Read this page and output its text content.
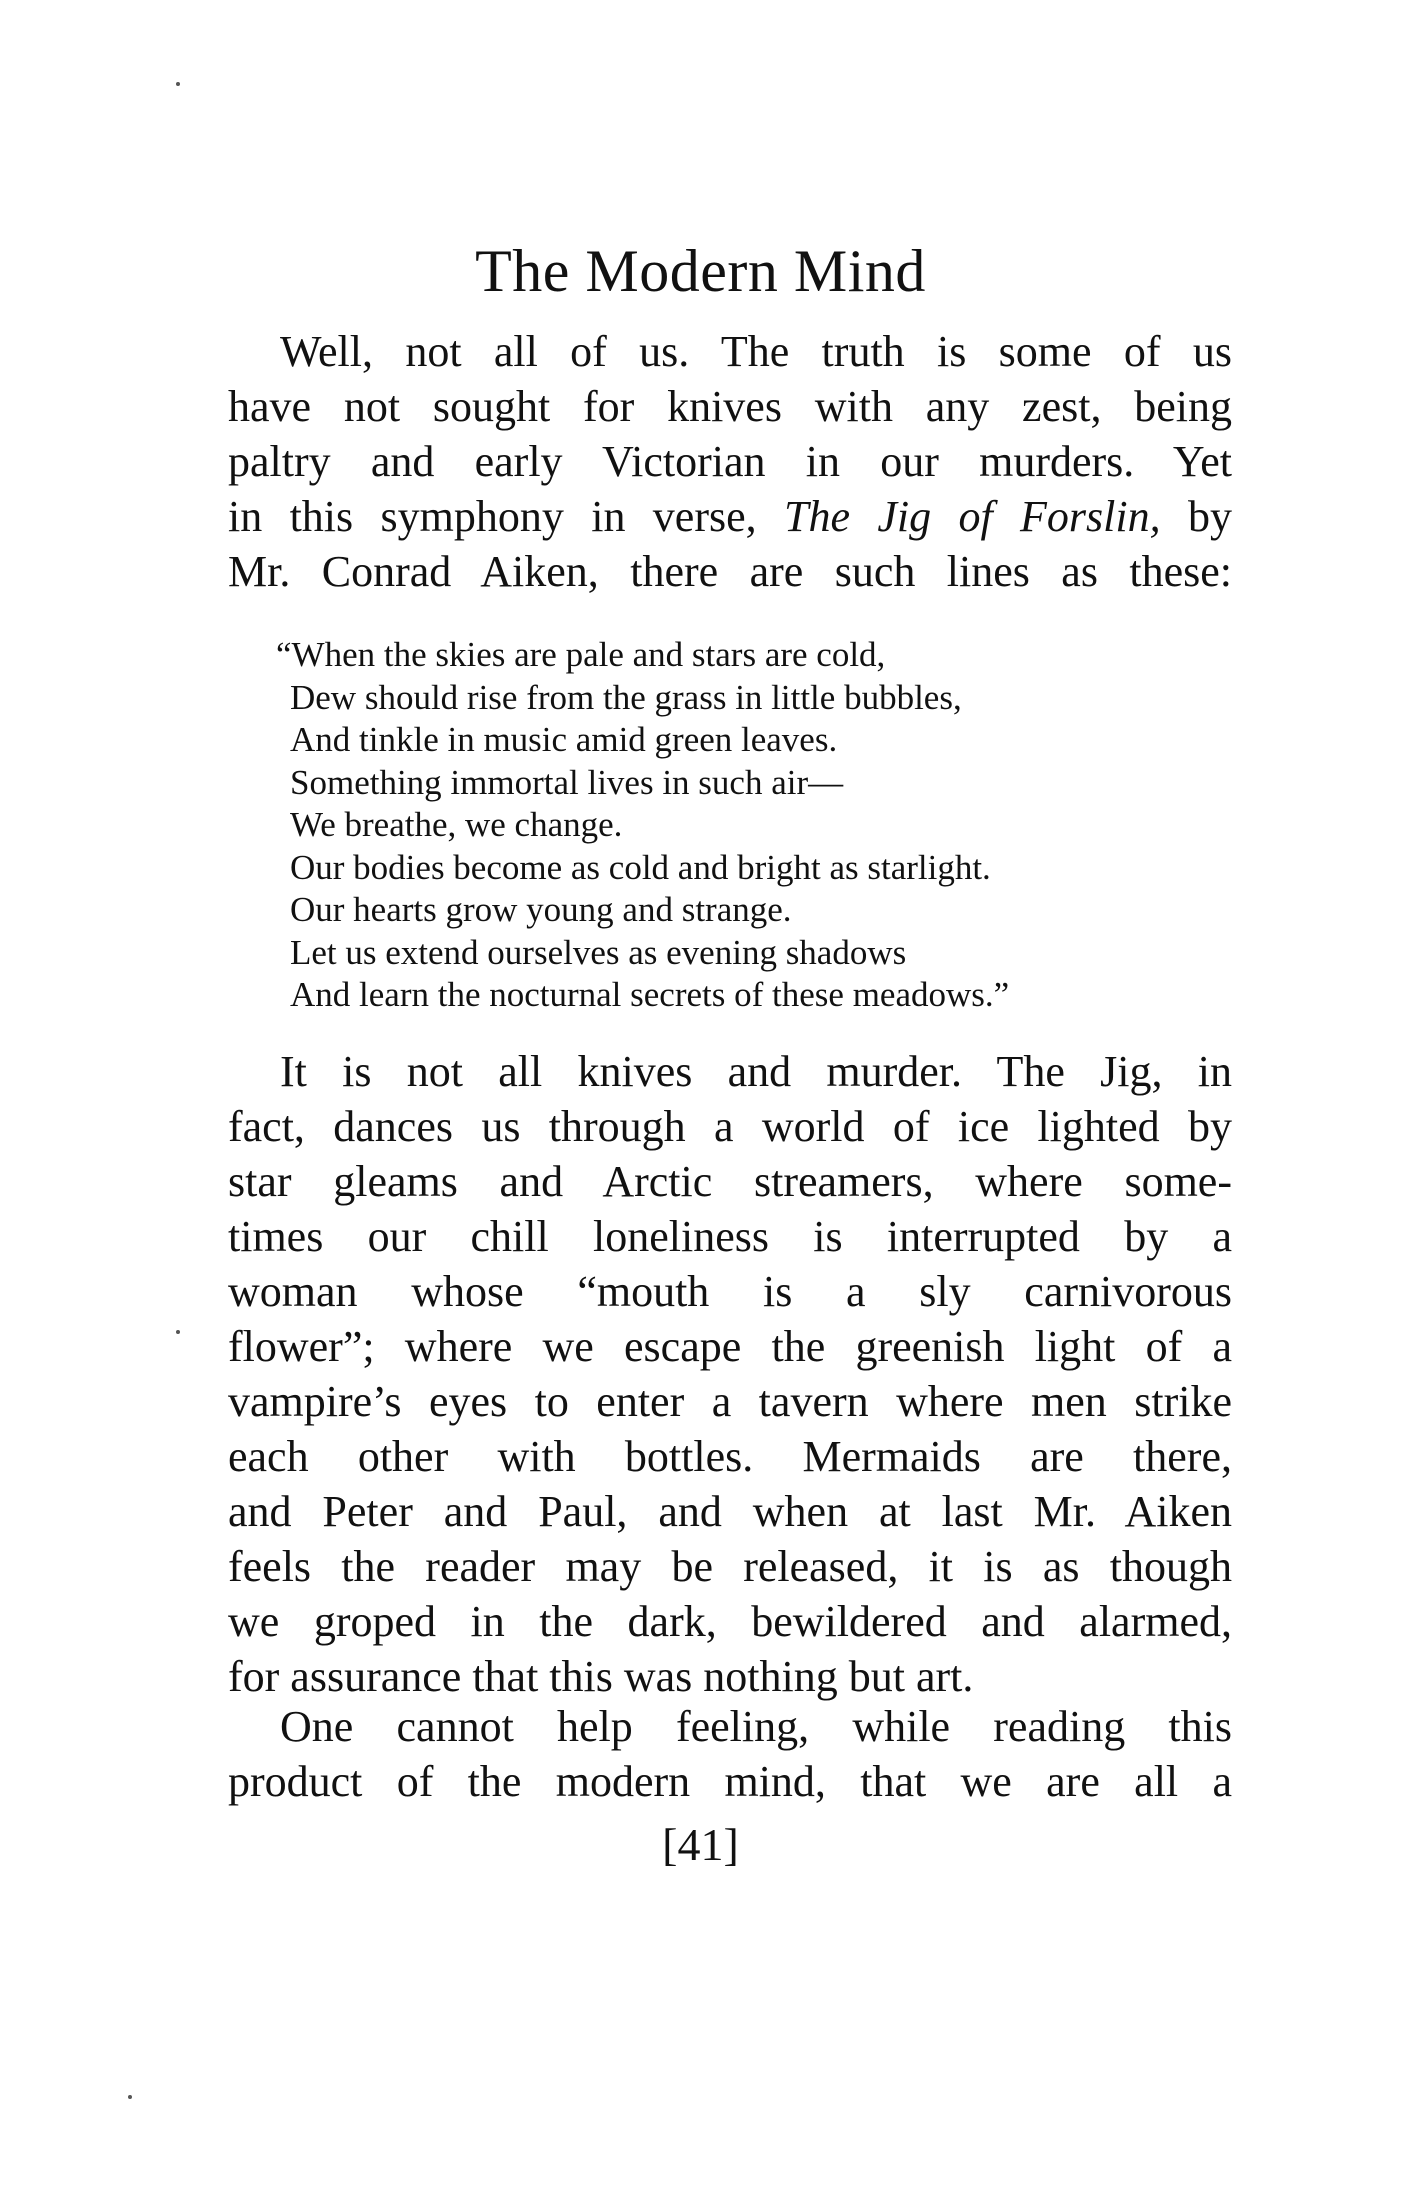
The Modern Mind
Well, not all of us. The truth is some of us
have not sought for knives with any zest, being
paltry and early Victorian in our murders. Yet
in this symphony in verse, The Jig of Forslin, by
Mr. Conrad Aiken, there are such lines as these:
“When the skies are pale and stars are cold,
Dew should rise from the grass in little bubbles,
And tinkle in music amid green leaves.
Something immortal lives in such air—
We breathe, we change.
Our bodies become as cold and bright as starlight.
Our hearts grow young and strange.
Let us extend ourselves as evening shadows
And learn the nocturnal secrets of these meadows.”
It is not all knives and murder. The Jig, in
fact, dances us through a world of ice lighted by
star gleams and Arctic streamers, where some-
times our chill loneliness is interrupted by a
woman whose “mouth is a sly carnivorous
flower”; where we escape the greenish light of a
vampire’s eyes to enter a tavern where men strike
each other with bottles. Mermaids are there,
and Peter and Paul, and when at last Mr. Aiken
feels the reader may be released, it is as though
we groped in the dark, bewildered and alarmed,
for assurance that this was nothing but art.
One cannot help feeling, while reading this
product of the modern mind, that we are all a
[41]
